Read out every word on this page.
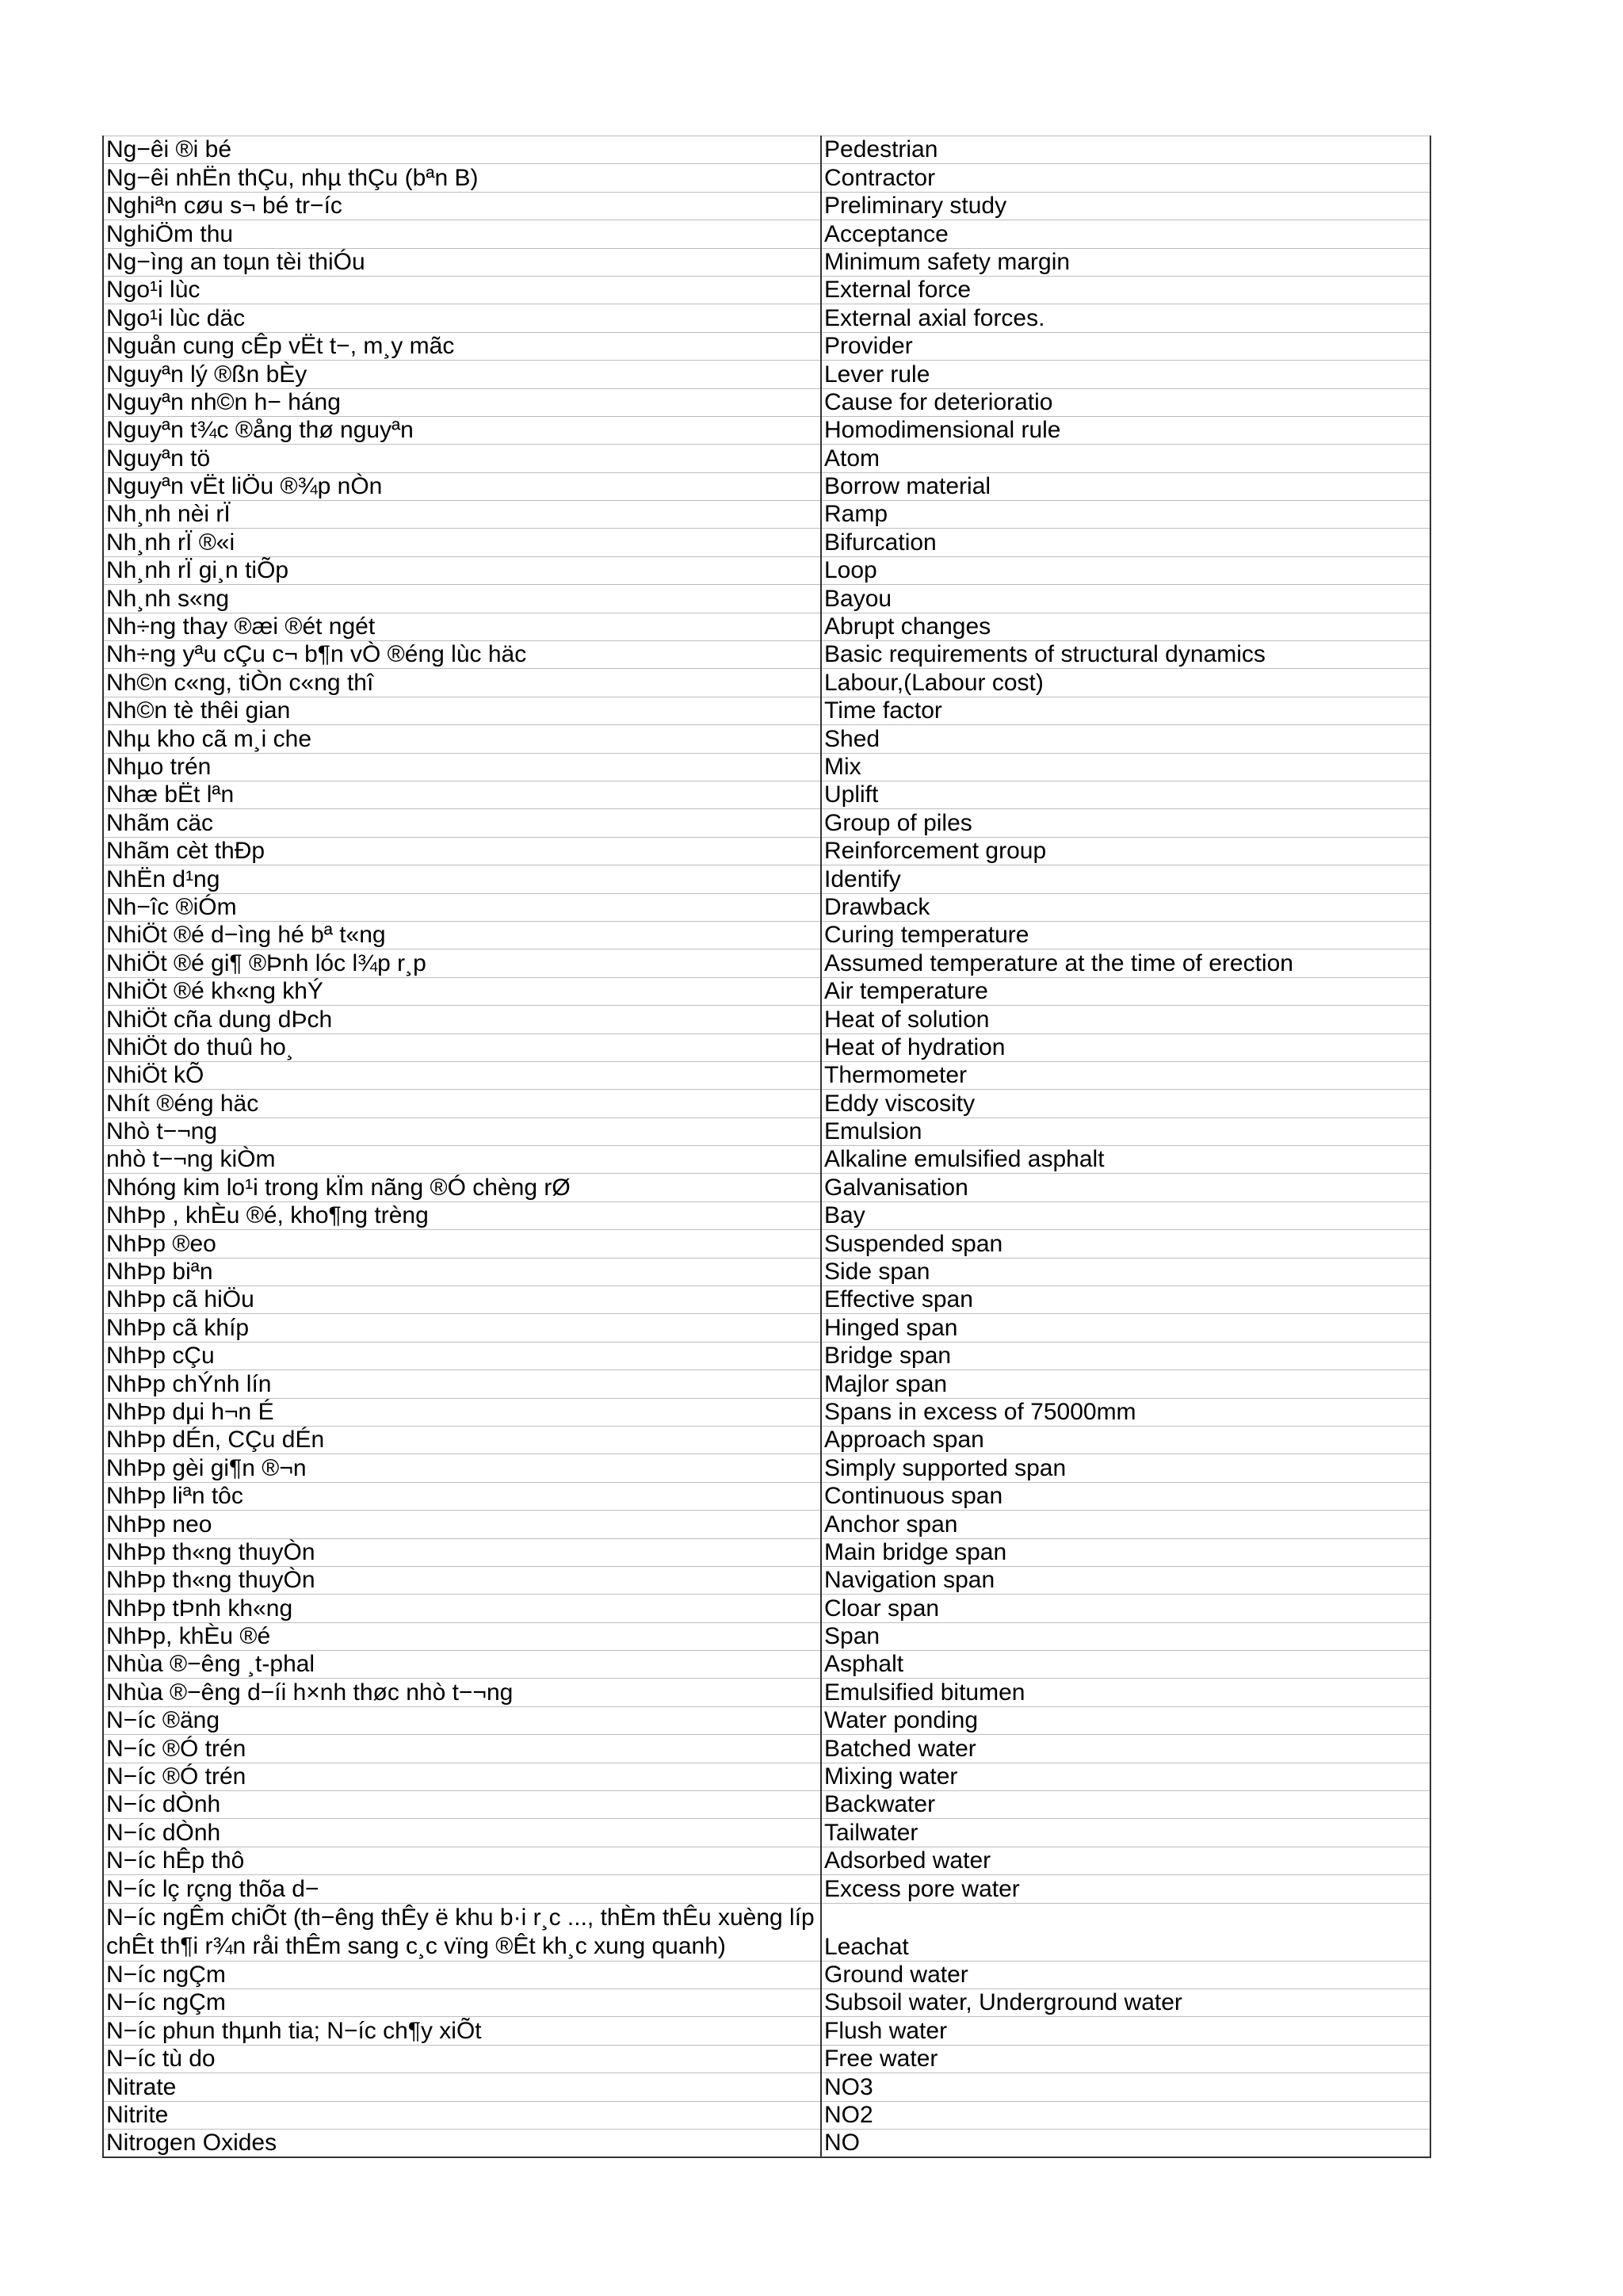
Ng−êi ®i bé	Pedestrian
Ng−êi nhËn thÇu, nhµ thÇu (bªn B)	Contractor
Nghiªn cøu s¬ bé tr−íc	Preliminary study
NghiÖm thu	Acceptance
Ng−ìng an toµn tèi thiÓu	Minimum safety margin
Ngo¹i lùc	External force
Ngo¹i lùc däc	External axial forces.
Nguån cung cÊp vËt t−, m¸y mãc	Provider
Nguyªn lý ®ßn bÈy	Lever rule
Nguyªn nh©n h− háng	Cause for deterioratio
Nguyªn t¾c ®ång thø nguyªn	Homodimensional rule
Nguyªn tö	Atom
Nguyªn vËt liÖu ®¾p nÒn	Borrow material
Nh¸nh nèi rÏ	Ramp
Nh¸nh rÏ ®«i	Bifurcation
Nh¸nh rÏ gi¸n tiÕp	Loop
Nh¸nh s«ng	Bayou
Nh÷ng thay ®æi ®ét ngét	Abrupt changes
Nh÷ng yªu cÇu c¬ b¶n vÒ ®éng lùc häc	Basic requirements of structural dynamics
Nh©n c«ng, tiÒn c«ng thî	Labour,(Labour cost)
Nh©n tè thêi gian	Time factor
Nhµ kho cã m¸i che	Shed
Nhµo trén	Mix
Nhæ bËt lªn	Uplift
Nhãm cäc	Group of piles
Nhãm cèt thÐp	Reinforcement group
NhËn d¹ng	Identify
Nh−îc ®iÓm	Drawback
NhiÖt ®é d−ìng hé bª t«ng	Curing temperature
NhiÖt ®é gi¶ ®Þnh lóc l¾p r¸p	Assumed temperature at the time of erection
NhiÖt ®é kh«ng khÝ	Air temperature
NhiÖt cña dung dÞch	Heat of solution
NhiÖt do thuû ho¸	Heat of hydration
NhiÖt kÕ	Thermometer
Nhít ®éng häc	Eddy viscosity
Nhò t−¬ng	Emulsion
nhò t−¬ng kiÒm	Alkaline emulsified asphalt
Nhóng kim lo¹i trong kÏm nãng ®Ó chèng rØ	Galvanisation
NhÞp , khÈu ®é, kho¶ng trèng	Bay
NhÞp ®eo	Suspended span
NhÞp biªn	Side span
NhÞp cã hiÖu	Effective span
NhÞp cã khíp	Hinged span
NhÞp cÇu	Bridge span
NhÞp chÝnh lín	Majlor span
NhÞp dµi h¬n É	Spans in excess of 75000mm
NhÞp dÉn, CÇu dÉn	Approach span
NhÞp gèi gi¶n ®¬n	Simply supported span
NhÞp liªn tôc	Continuous span
NhÞp neo	Anchor span
NhÞp th«ng thuyÒn	Main bridge span
NhÞp th«ng thuyÒn	Navigation span
NhÞp tÞnh kh«ng	Cloar span
NhÞp, khÈu ®é	Span
Nhùa ®−êng ¸t-phal	Asphalt
Nhùa ®−êng d−íi h×nh thøc nhò t−¬ng	Emulsified bitumen
N−íc ®äng	Water ponding
N−íc ®Ó trén	Batched water
N−íc ®Ó trén	Mixing water
N−íc dÒnh	Backwater
N−íc dÒnh	Tailwater
N−íc hÊp thô	Adsorbed water
N−íc lç rçng thõa d−	Excess pore water
N−íc ngÊm chiÕt (th−êng thÊy ë khu b·i r¸c ..., thÈm thÊu xuèng líp chÊt th¶i r¾n råi thÊm sang c¸c vïng ®Êt kh¸c xung quanh)	Leachat
N−íc ngÇm	Ground water
N−íc ngÇm	Subsoil water, Underground water
N−íc phun thµnh tia; N−íc ch¶y xiÕt	Flush water
N−íc tù do	Free water
Nitrate	NO3
Nitrite	NO2
Nitrogen Oxides	NO
